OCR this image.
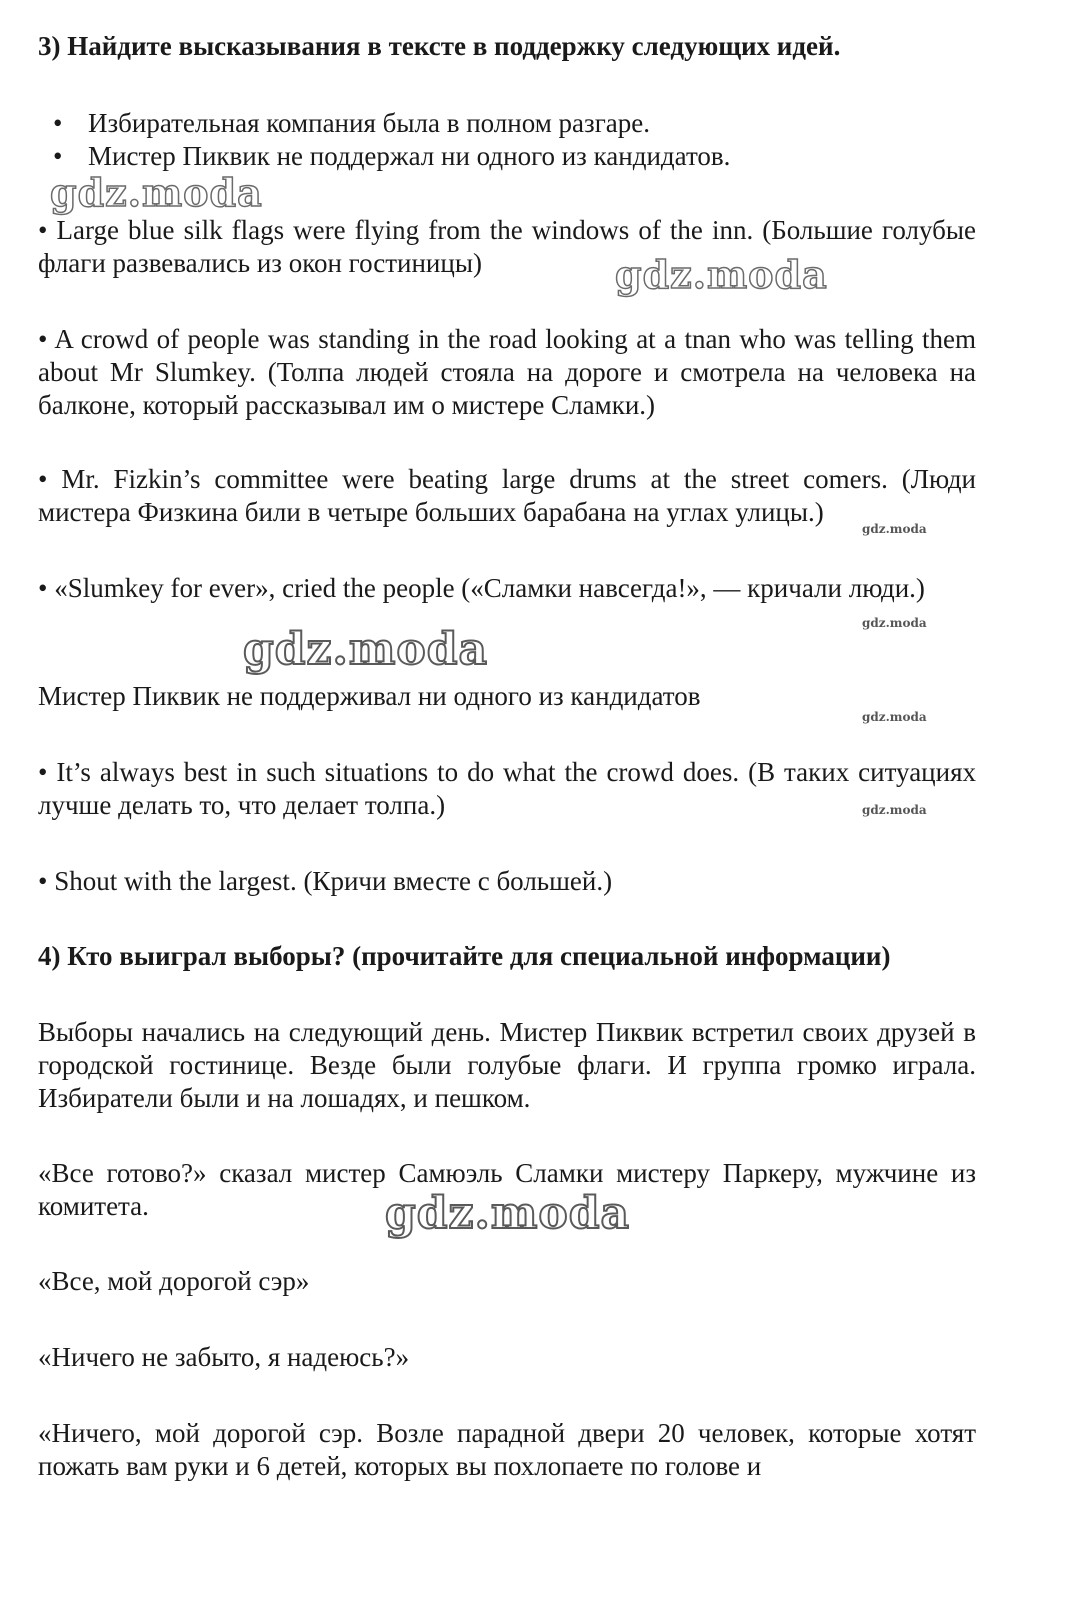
3) Найдите высказывания в тексте в поддержку следующих идей.
• Избирательная компания была в полном разгаре.
• Мистер Пиквик не поддержал ни одного из кандидатов.
• Large blue silk flags were flying from the windows of the inn. (Большие голубые флаги развевались из окон гостиницы)
• A crowd of people was standing in the road looking at a tnan who was telling them about Mr Slumkey. (Толпа людей стояла на дороге и смотрела на человека на балконе, который рассказывал им о мистере Сламки.)
• Mr. Fizkin’s committee were beating large drums at the street comers. (Люди мистера Физкина били в четыре больших барабана на углах улицы.)
• «Slumkey for ever», cried the people («Сламки навсегда!», — кричали люди.)
Мистер Пиквик не поддерживал ни одного из кандидатов
• It’s always best in such situations to do what the crowd does. (В таких ситуациях лучше делать то, что делает толпа.)
• Shout with the largest. (Кричи вместе с большей.)
4) Кто выиграл выборы? (прочитайте для специальной информации)
Выборы начались на следующий день. Мистер Пиквик встретил своих друзей в городской гостинице. Везде были голубые флаги. И группа громко играла. Избиратели были и на лошадях, и пешком.
«Все готово?» сказал мистер Самюэль Сламки мистеру Паркеру, мужчине из комитета.
«Все, мой дорогой сэр»
«Ничего не забыто, я надеюсь?»
«Ничего, мой дорогой сэр. Возле парадной двери 20 человек, которые хотят пожать вам руки и 6 детей, которых вы похлопаете по голове и
gdz.moda
gdz.moda
gdz.moda
gdz.moda
gdz.moda
gdz.moda
gdz.moda
gdz.moda
